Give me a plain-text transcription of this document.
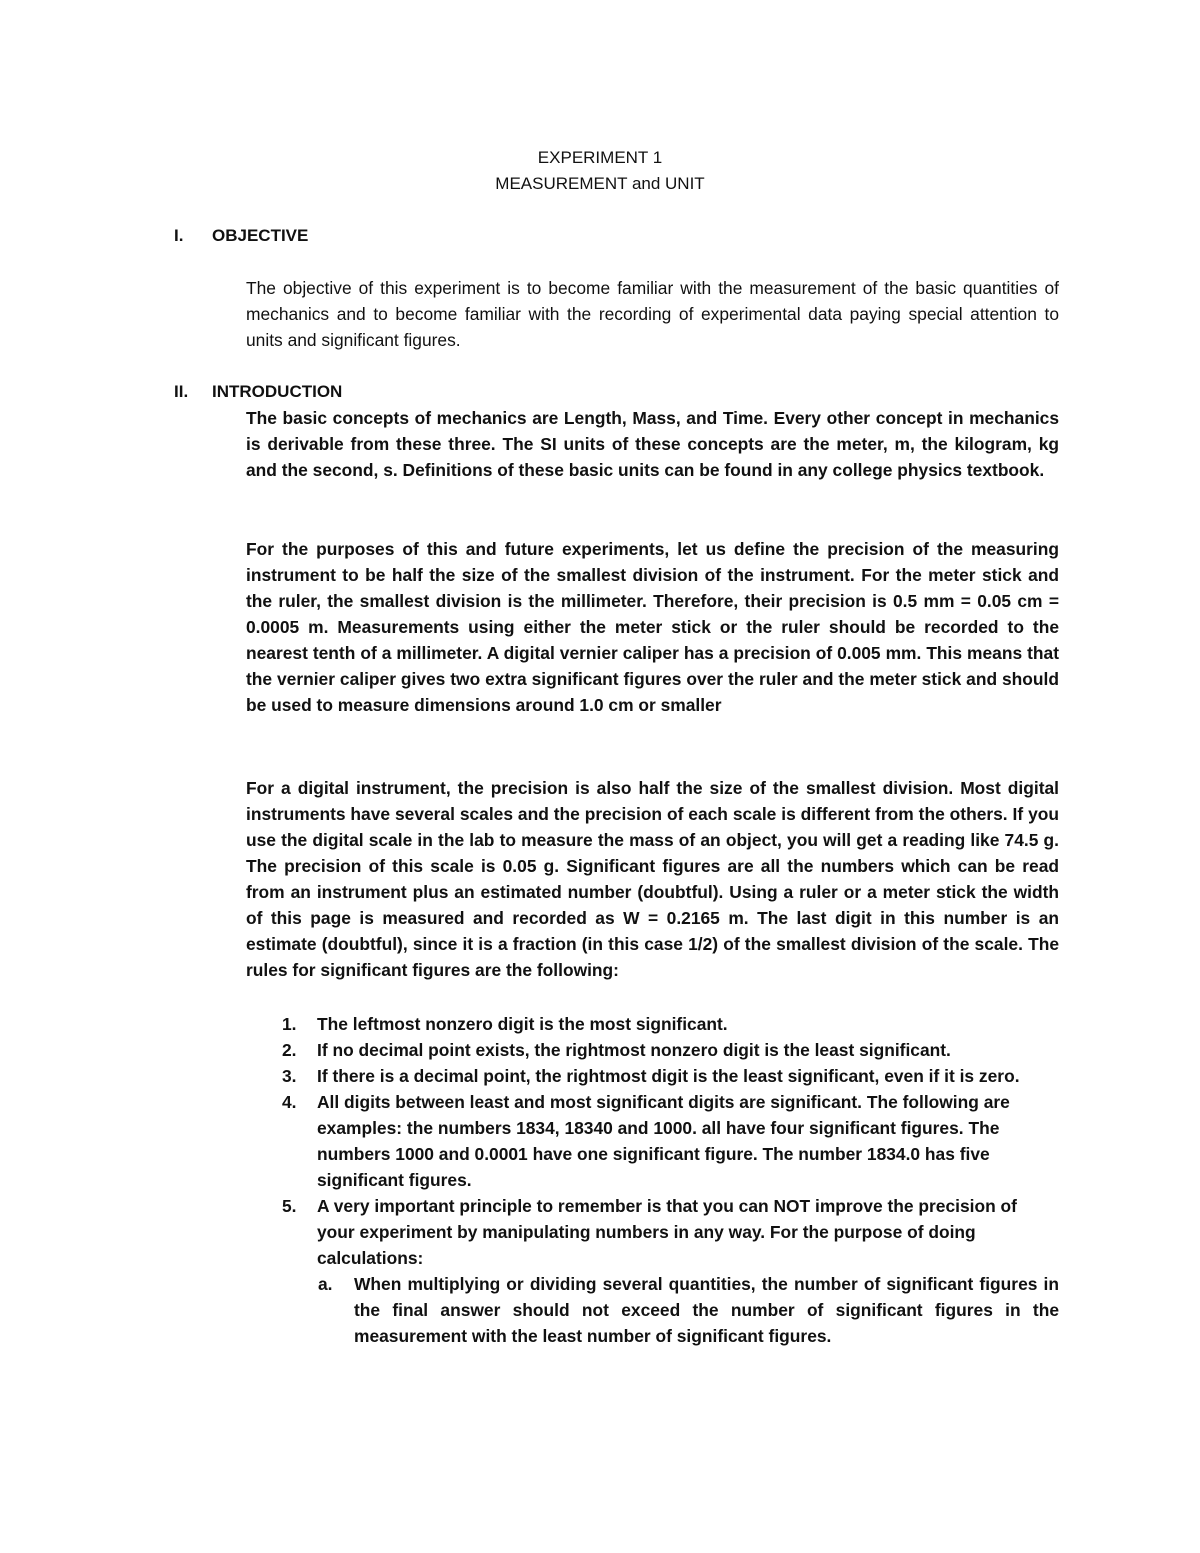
EXPERIMENT 1
MEASUREMENT and UNIT
I. OBJECTIVE
The objective of this experiment is to become familiar with the measurement of the basic quantities of mechanics and to become familiar with the recording of experimental data paying special attention to units and significant figures.
II. INTRODUCTION
The basic concepts of mechanics are Length, Mass, and Time. Every other concept in mechanics is derivable from these three. The SI units of these concepts are the meter, m, the kilogram, kg and the second, s. Definitions of these basic units can be found in any college physics textbook.
For the purposes of this and future experiments, let us define the precision of the measuring instrument to be half the size of the smallest division of the instrument. For the meter stick and the ruler, the smallest division is the millimeter. Therefore, their precision is 0.5 mm = 0.05 cm = 0.0005 m. Measurements using either the meter stick or the ruler should be recorded to the nearest tenth of a millimeter. A digital vernier caliper has a precision of 0.005 mm. This means that the vernier caliper gives two extra significant figures over the ruler and the meter stick and should be used to measure dimensions around 1.0 cm or smaller
For a digital instrument, the precision is also half the size of the smallest division. Most digital instruments have several scales and the precision of each scale is different from the others. If you use the digital scale in the lab to measure the mass of an object, you will get a reading like 74.5 g. The precision of this scale is 0.05 g. Significant figures are all the numbers which can be read from an instrument plus an estimated number (doubtful). Using a ruler or a meter stick the width of this page is measured and recorded as W = 0.2165 m. The last digit in this number is an estimate (doubtful), since it is a fraction (in this case 1/2) of the smallest division of the scale. The rules for significant figures are the following:
1. The leftmost nonzero digit is the most significant.
2. If no decimal point exists, the rightmost nonzero digit is the least significant.
3. If there is a decimal point, the rightmost digit is the least significant, even if it is zero.
4. All digits between least and most significant digits are significant. The following are examples: the numbers 1834, 18340 and 1000. all have four significant figures. The numbers 1000 and 0.0001 have one significant figure. The number 1834.0 has five significant figures.
5. A very important principle to remember is that you can NOT improve the precision of your experiment by manipulating numbers in any way. For the purpose of doing calculations:
a. When multiplying or dividing several quantities, the number of significant figures in the final answer should not exceed the number of significant figures in the measurement with the least number of significant figures.
